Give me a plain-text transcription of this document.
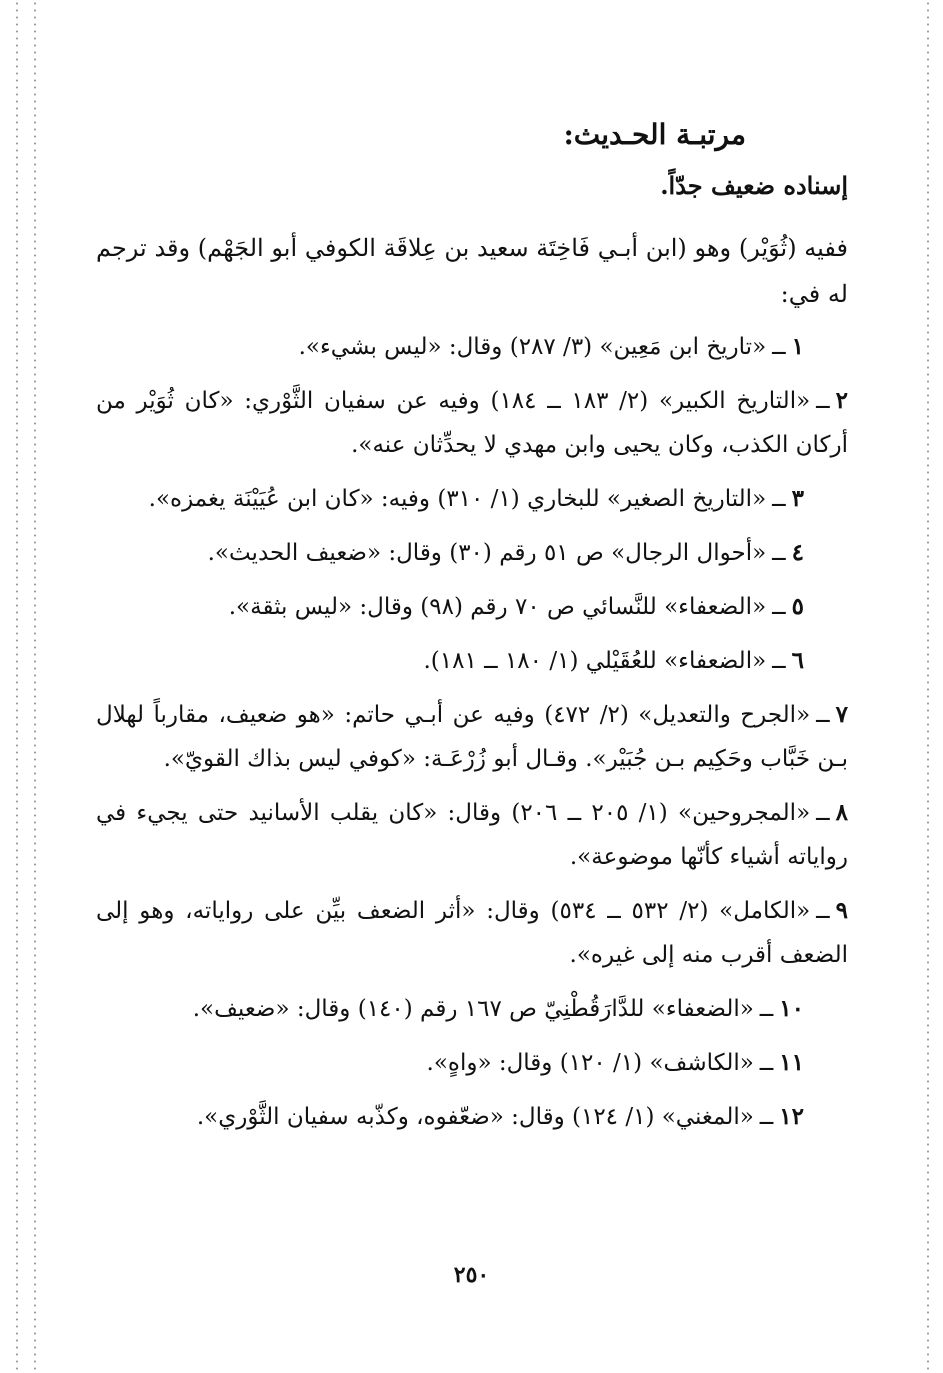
مرتبـة الحـديث:

إسناده ضعيف جدّاً.

ففيه (ثُوَيْر) وهو (ابن أبـي فَاخِتَة سعيد بن عِلاقَة الكوفي أبو الجَهْم) وقد ترجم له في:

١ــ«تاريخ ابن مَعِين» (٣/ ٢٨٧) وقال: «ليس بشيء».
٢ــ«التاريخ الكبير» (٢/ ١٨٣ ــ ١٨٤) وفيه عن سفيان الثَّوْري: «كان ثُوَيْر من أركان الكذب، وكان يحيى وابن مهدي لا يحدِّثان عنه».
٣ــ«التاريخ الصغير» للبخاري (١/ ٣١٠) وفيه: «كان ابن عُيَيْنَة يغمزه».
٤ــ«أحوال الرجال» ص ٥١ رقم (٣٠) وقال: «ضعيف الحديث».
٥ــ«الضعفاء» للنَّسائي ص ٧٠ رقم (٩٨) وقال: «ليس بثقة».
٦ــ«الضعفاء» للعُقَيْلي (١/ ١٨٠ ــ ١٨١).
٧ــ«الجرح والتعديل» (٢/ ٤٧٢) وفيه عن أبـي حاتم: «هو ضعيف، مقارباً لهلال بـن خَبَّاب وحَكِيم بـن جُبَيْر». وقـال أبو زُرْعَـة: «كوفي ليس بذاك القويّ».
٨ــ«المجروحين» (١/ ٢٠٥ ــ ٢٠٦) وقال: «كان يقلب الأسانيد حتى يجيء في رواياته أشياء كأنّها موضوعة».
٩ــ«الكامل» (٢/ ٥٣٢ ــ ٥٣٤) وقال: «أثر الضعف بيِّن على رواياته، وهو إلى الضعف أقرب منه إلى غيره».
١٠ــ«الضعفاء» للدَّارَقُطْنِيّ ص ١٦٧ رقم (١٤٠) وقال: «ضعيف».
١١ــ«الكاشف» (١/ ١٢٠) وقال: «واهٍ».
١٢ــ«المغني» (١/ ١٢٤) وقال: «ضعّفوه، وكذّبه سفيان الثَّوْري».
٢٥٠
